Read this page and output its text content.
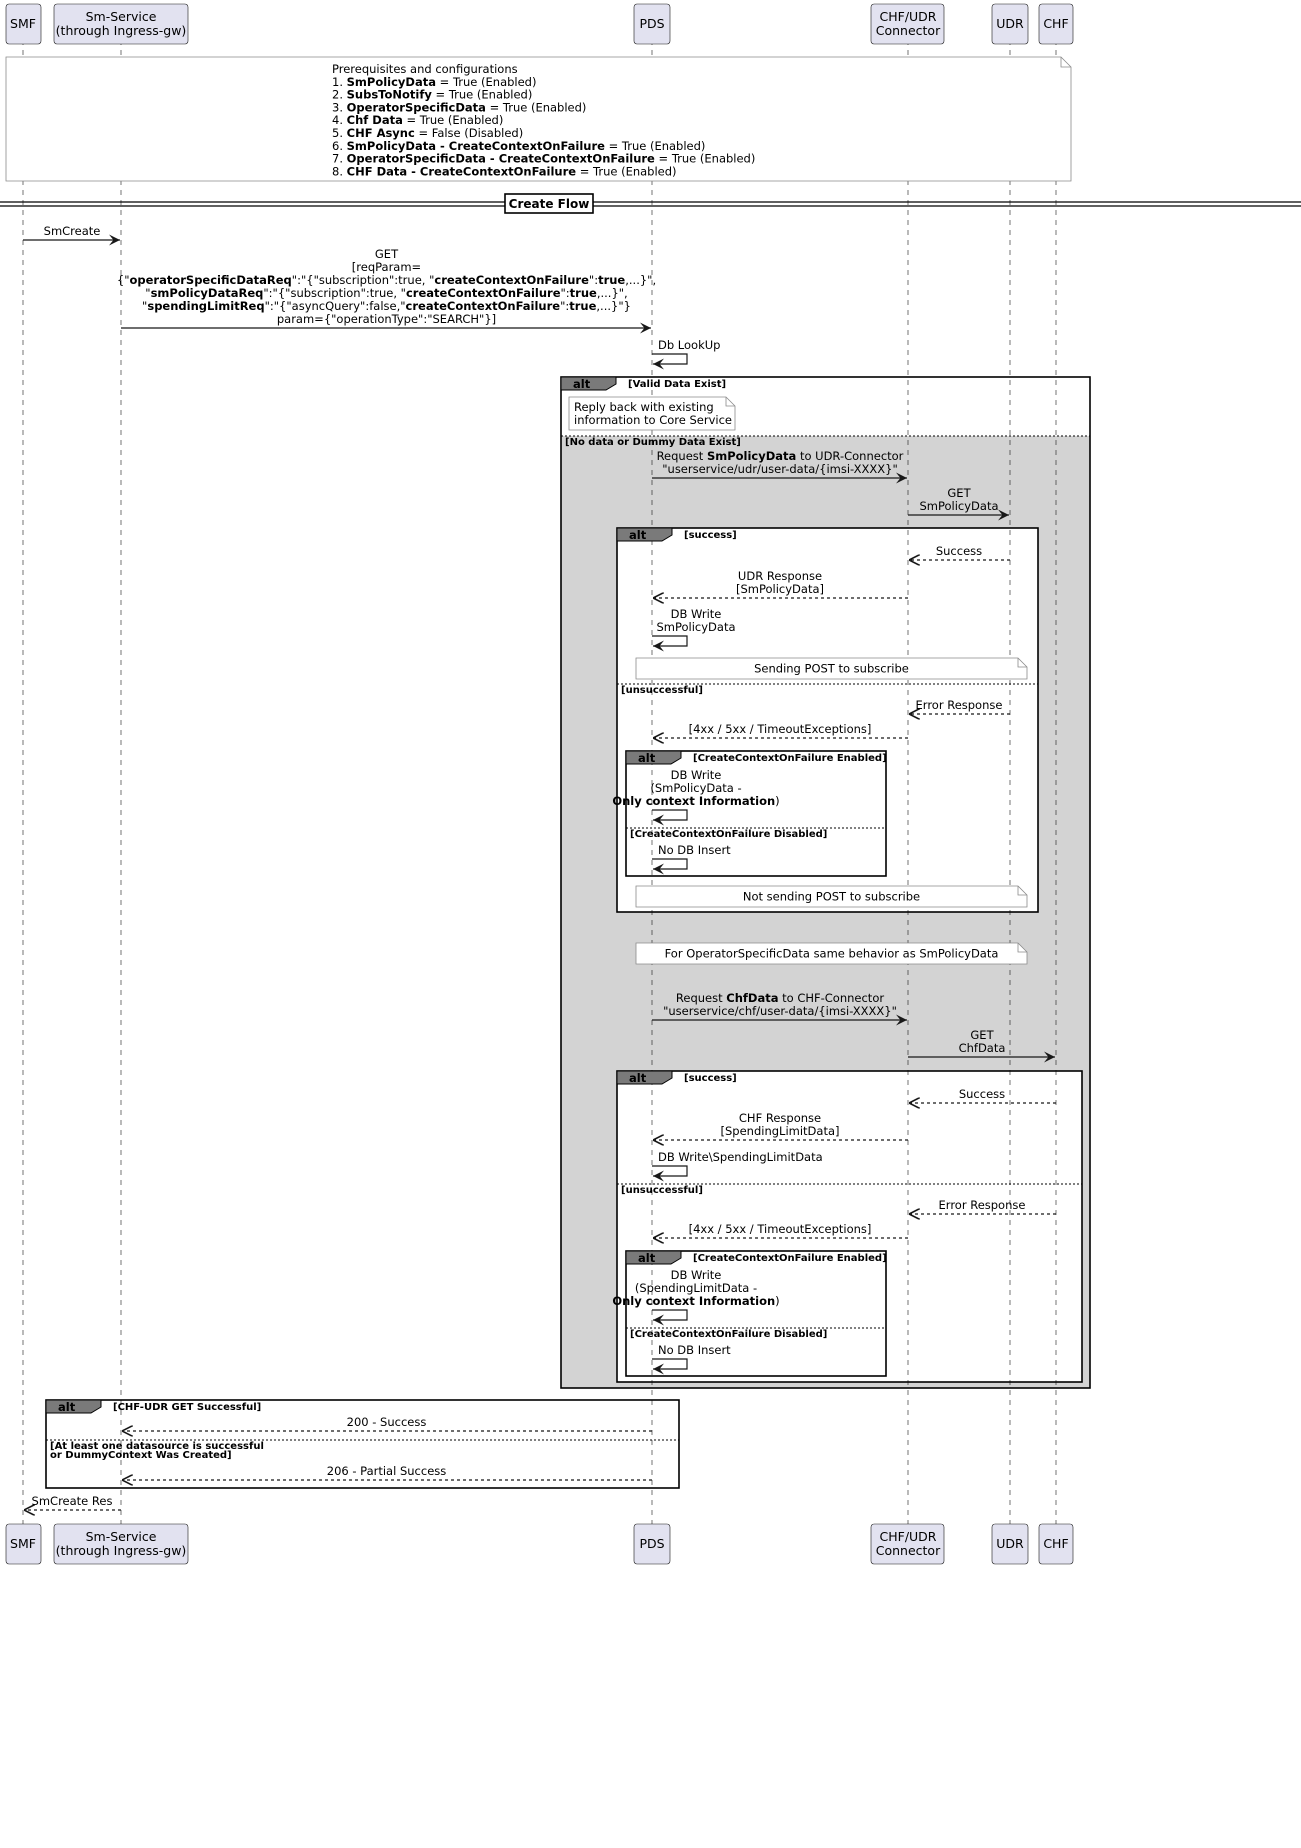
Create Flow
alt	[Valid Data Exist]
[No data or Dummy Data Exist]
alt	[success]
[unsuccessful]
alt	[CreateContextOnFailure Enabled]
[CreateContextOnFailure Disabled]
alt	[success]
[unsuccessful]
alt	[CreateContextOnFailure Enabled]
[CreateContextOnFailure Disabled]
alt	[CHF-UDR GET Successful]
[At least one datasource is successful
or DummyContext Was Created]
Prerequisites and configurations
1. SmPolicyData = True (Enabled)
2. SubsToNotify = True (Enabled)
3. OperatorSpecificData = True (Enabled)
4. Chf Data = True (Enabled)
5. CHF Async = False (Disabled)
6. SmPolicyData - CreateContextOnFailure = True (Enabled)
7. OperatorSpecificData - CreateContextOnFailure = True (Enabled)
8. CHF Data - CreateContextOnFailure = True (Enabled)
Reply back with existing
information to Core Service
Sending POST to subscribe
Not sending POST to subscribe
For OperatorSpecificData same behavior as SmPolicyData
SmCreate
GET
[reqParam=
{"operatorSpecificDataReq":"{"subscription":true, "createContextOnFailure":true,...}",
"smPolicyDataReq":"{"subscription":true, "createContextOnFailure":true,...}",
"spendingLimitReq":"{"asyncQuery":false,"createContextOnFailure":true,...}"}
param={"operationType":"SEARCH"}]
Db LookUp
Request SmPolicyData to UDR-Connector
"userservice/udr/user-data/{imsi-XXXX}"
GET
SmPolicyData
Success
UDR Response
[SmPolicyData]
DB Write
SmPolicyData
Error Response
[4xx / 5xx / TimeoutExceptions]
DB Write
(SmPolicyData -
Only context Information)
No DB Insert
Request ChfData to CHF-Connector
"userservice/chf/user-data/{imsi-XXXX}"
GET
ChfData
Success
CHF Response
[SpendingLimitData]
DB Write\SpendingLimitData
Error Response
[4xx / 5xx / TimeoutExceptions]
DB Write
(SpendingLimitData -
Only context Information)
No DB Insert
200 - Success
206 - Partial Success
SmCreate Res
SMF	Sm-Service
(through Ingress-gw)	PDS	CHF/UDR
Connector	UDR CHF
SMF	Sm-Service
(through Ingress-gw)	PDS	CHF/UDR
Connector	UDR CHF
